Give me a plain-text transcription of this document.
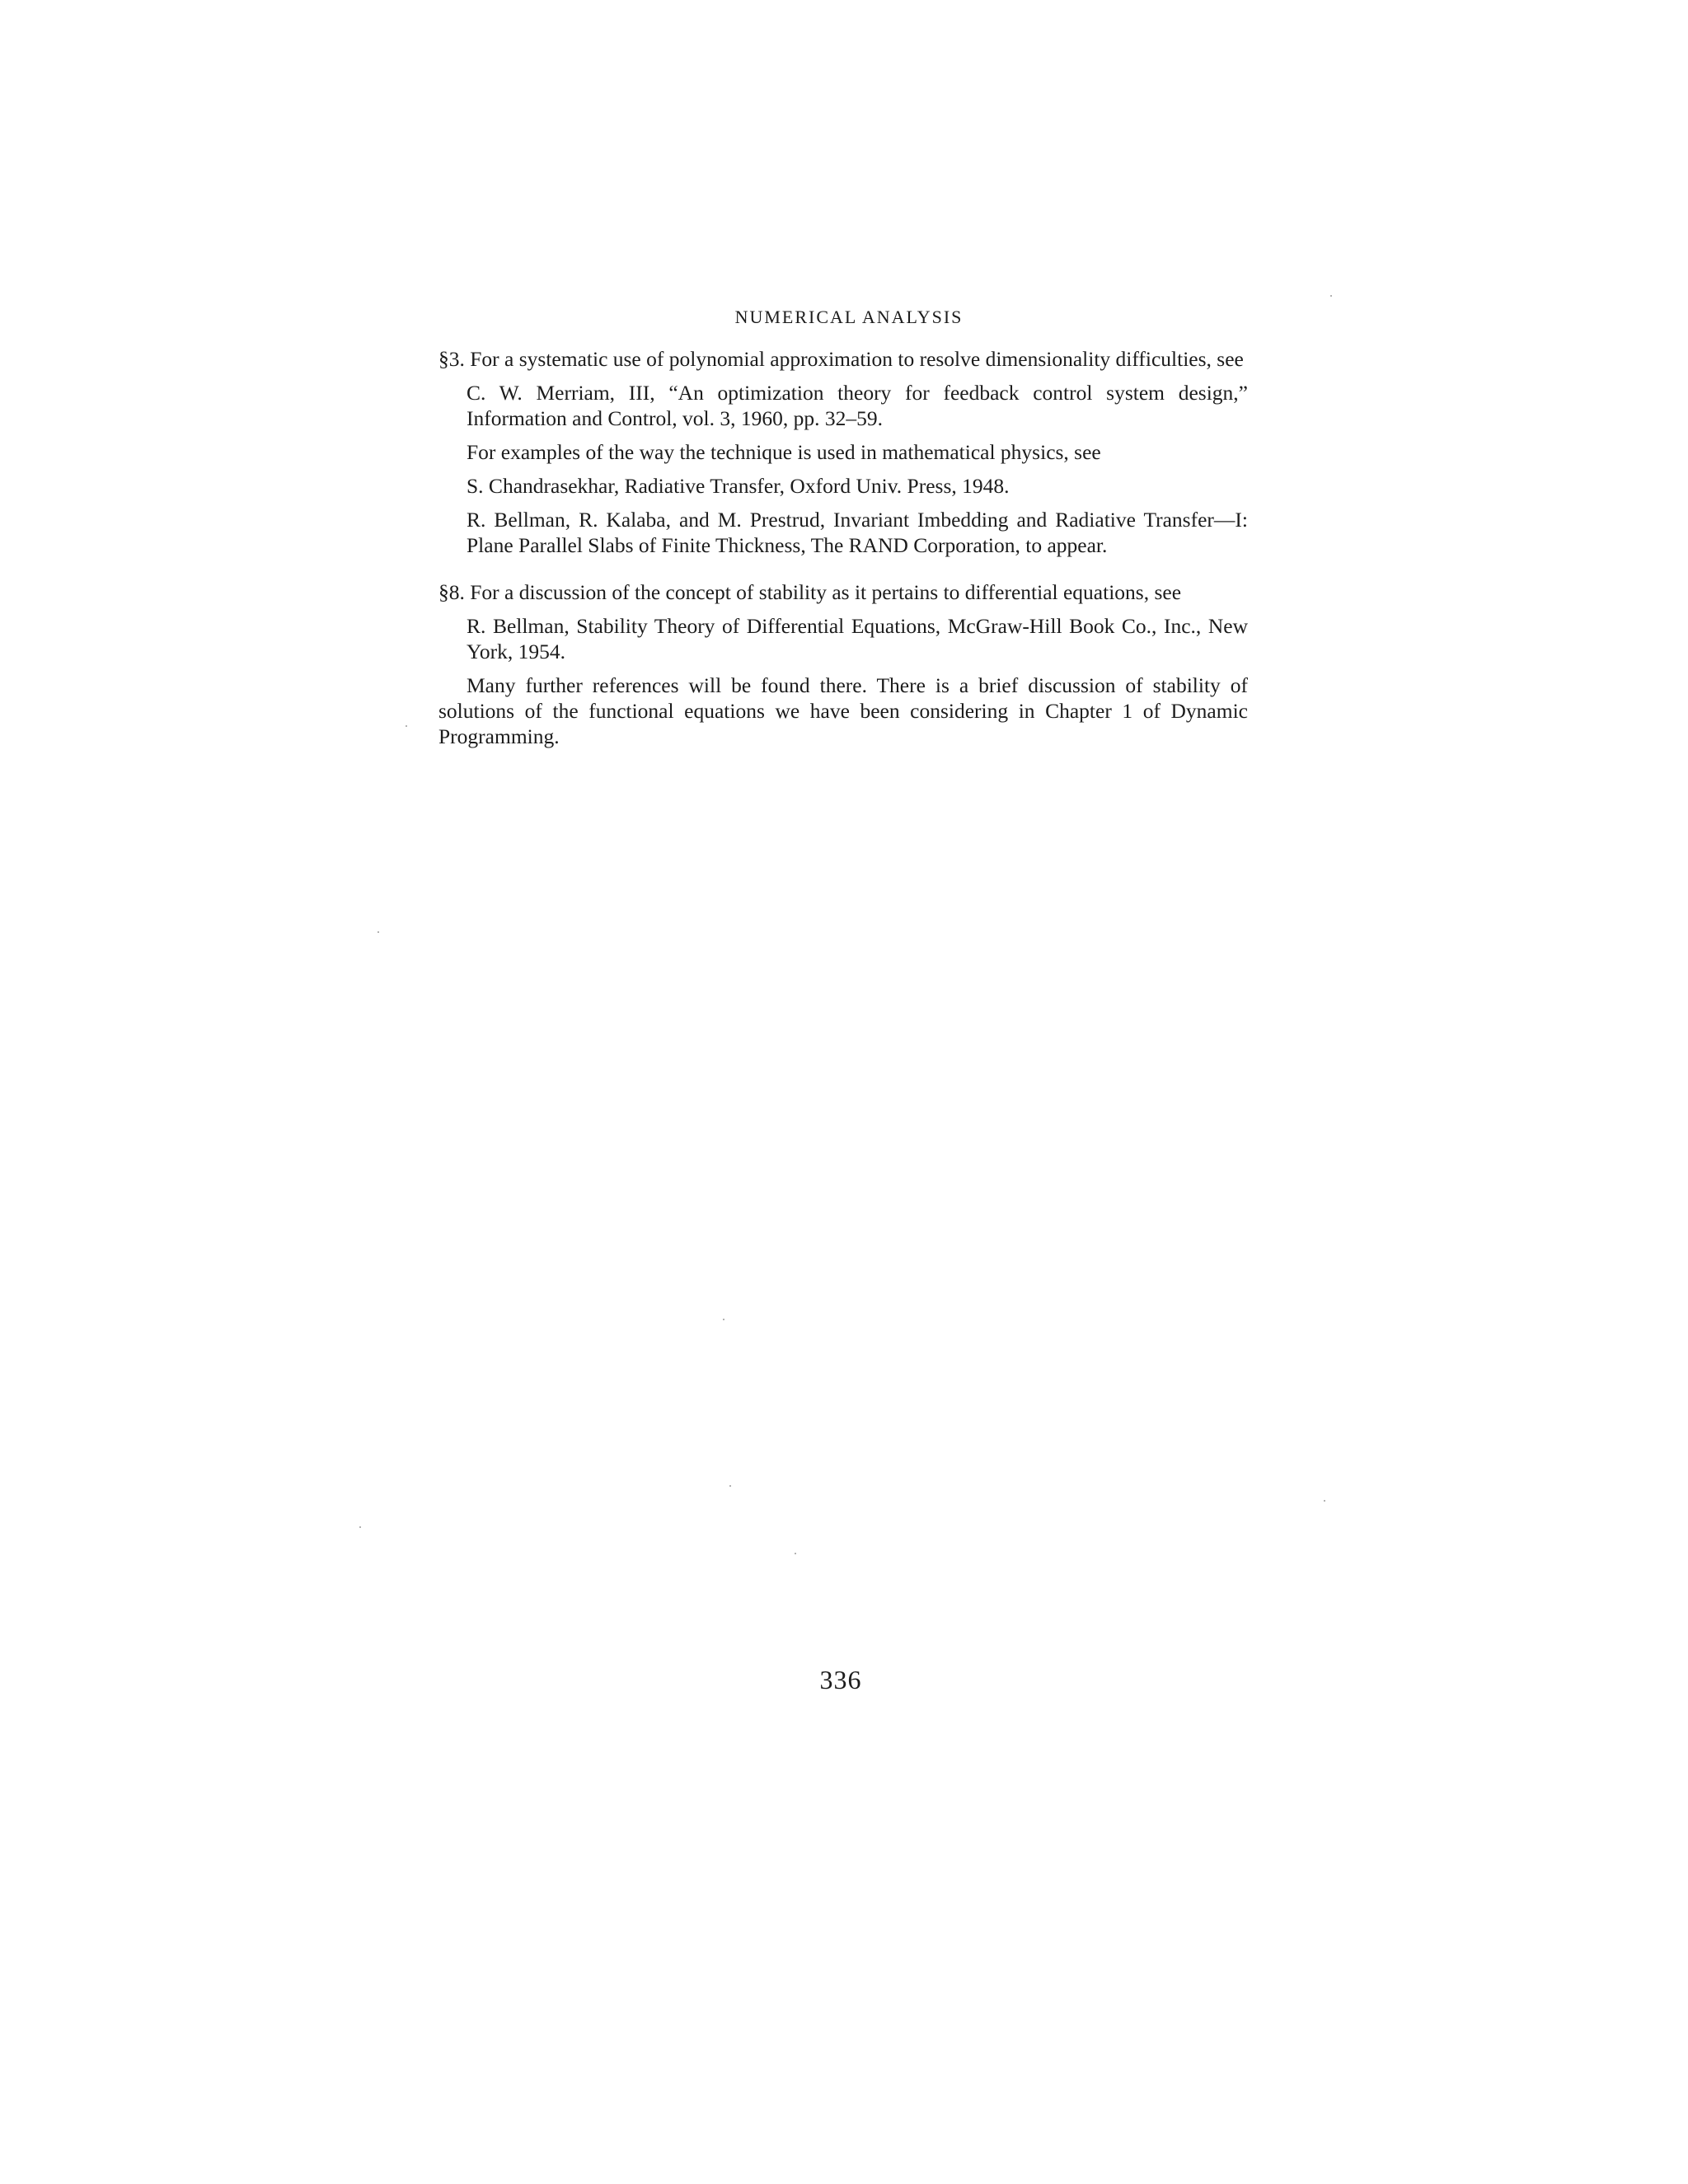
NUMERICAL ANALYSIS

§3. For a systematic use of polynomial approximation to resolve dimensionality difficulties, see

C. W. Merriam, III, “An optimization theory for feedback control system design,” Information and Control, vol. 3, 1960, pp. 32–59.

For examples of the way the technique is used in mathematical physics, see

S. Chandrasekhar, Radiative Transfer, Oxford Univ. Press, 1948.

R. Bellman, R. Kalaba, and M. Prestrud, Invariant Imbedding and Radiative Transfer—I: Plane Parallel Slabs of Finite Thickness, The RAND Corporation, to appear.

§8. For a discussion of the concept of stability as it pertains to differential equations, see

R. Bellman, Stability Theory of Differential Equations, McGraw-Hill Book Co., Inc., New York, 1954.

Many further references will be found there. There is a brief discussion of stability of solutions of the functional equations we have been considering in Chapter 1 of Dynamic Programming.

336
